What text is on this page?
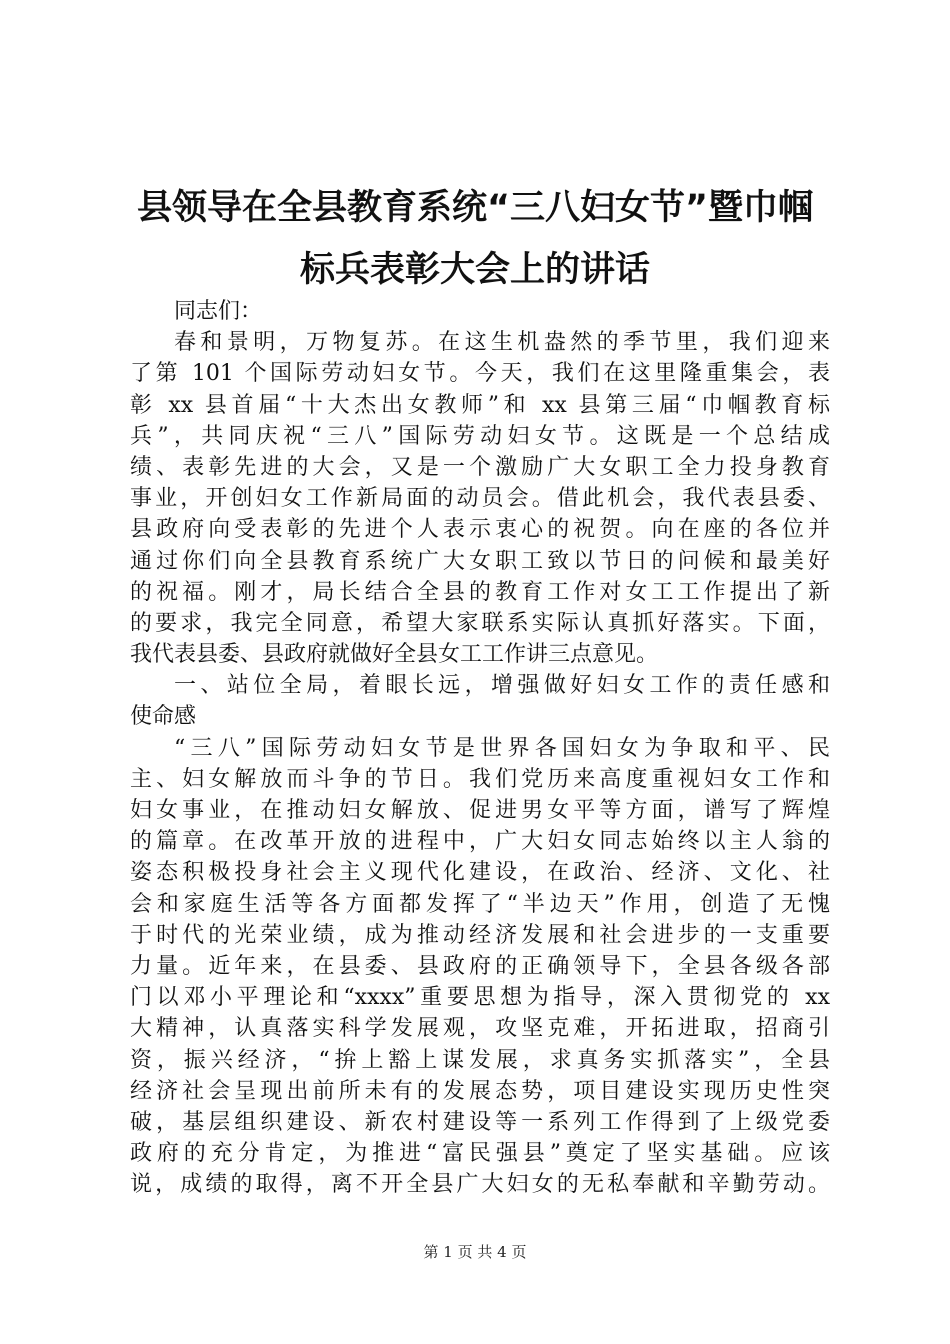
县领导在全县教育系统“三八妇女节”暨巾帼
标兵表彰大会上的讲话
同志们：
春和景明，万物复苏。在这生机盎然的季节里，我们迎来
了第 101 个国际劳动妇女节。今天，我们在这里隆重集会，表
彰 xx 县首届“十大杰出女教师”和 xx 县第三届“巾帼教育标
兵”，共同庆祝“三八”国际劳动妇女节。这既是一个总结成
绩、表彰先进的大会，又是一个激励广大女职工全力投身教育
事业，开创妇女工作新局面的动员会。借此机会，我代表县委、
县政府向受表彰的先进个人表示衷心的祝贺。向在座的各位并
通过你们向全县教育系统广大女职工致以节日的问候和最美好
的祝福。刚才，局长结合全县的教育工作对女工工作提出了新
的要求，我完全同意，希望大家联系实际认真抓好落实。下面，
我代表县委、县政府就做好全县女工工作讲三点意见。
一、站位全局，着眼长远，增强做好妇女工作的责任感和
使命感
“三八”国际劳动妇女节是世界各国妇女为争取和平、民
主、妇女解放而斗争的节日。我们党历来高度重视妇女工作和
妇女事业，在推动妇女解放、促进男女平等方面，谱写了辉煌
的篇章。在改革开放的进程中，广大妇女同志始终以主人翁的
姿态积极投身社会主义现代化建设，在政治、经济、文化、社
会和家庭生活等各方面都发挥了“半边天”作用，创造了无愧
于时代的光荣业绩，成为推动经济发展和社会进步的一支重要
力量。近年来，在县委、县政府的正确领导下，全县各级各部
门以邓小平理论和“xxxx”重要思想为指导，深入贯彻党的 xx
大精神，认真落实科学发展观，攻坚克难，开拓进取，招商引
资，振兴经济，“拚上豁上谋发展，求真务实抓落实”，全县
经济社会呈现出前所未有的发展态势，项目建设实现历史性突
破，基层组织建设、新农村建设等一系列工作得到了上级党委
政府的充分肯定，为推进“富民强县”奠定了坚实基础。应该
说，成绩的取得，离不开全县广大妇女的无私奉献和辛勤劳动。
第 1 页 共 4 页
